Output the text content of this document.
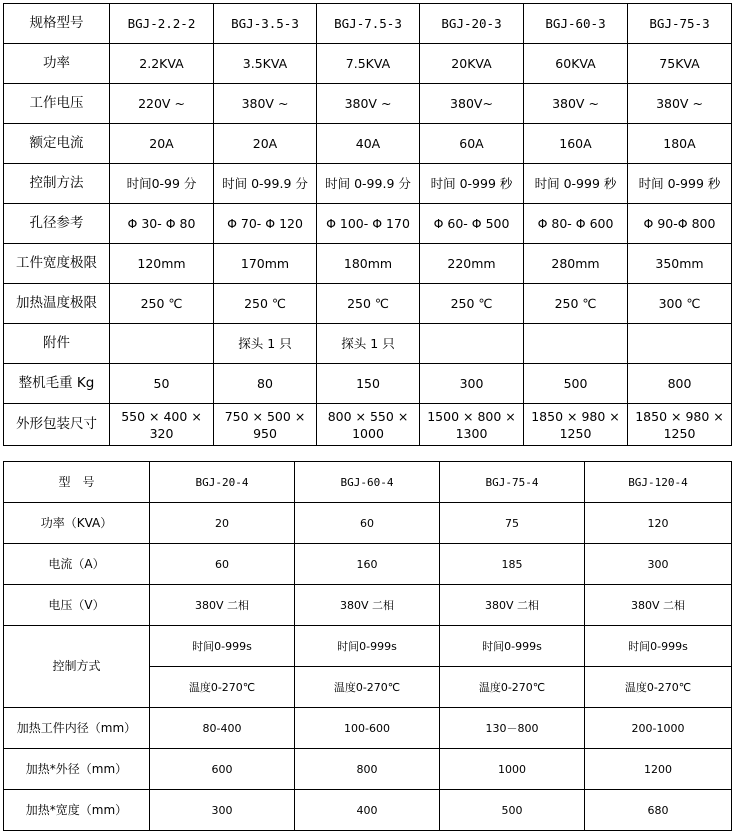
规格型号	BGJ-2.2-2	BGJ-3.5-3	BGJ-7.5-3	BGJ-20-3	BGJ-60-3	BGJ-75-3
功率	2.2KVA	3.5KVA	7.5KVA	20KVA	60KVA	75KVA
工作电压	220V ~	380V ~	380V ~	380V~	380V ~	380V ~
额定电流	20A	20A	40A	60A	160A	180A
控制方法	时间0-99 分	时间 0-99.9 分	时间 0-99.9 分	时间 0-999 秒	时间 0-999 秒	时间 0-999 秒
孔径参考	Φ 30- Φ 80	Φ 70- Φ 120	Φ 100- Φ 170	Φ 60- Φ 500	Φ 80- Φ 600	Φ 90-Φ 800
工件宽度极限	120mm	170mm	180mm	220mm	280mm	350mm
加热温度极限	250 ℃	250 ℃	250 ℃	250 ℃	250 ℃	300 ℃
附件		探头 1 只	探头 1 只			
整机毛重 Kg	50	80	150	300	500	800
外形包装尺寸	550 × 400 × 320	750 × 500 × 950	800 × 550 × 1000	1500 × 800 × 1300	1850 × 980 × 1250	1850 × 980 × 1250
型　号	BGJ-20-4	BGJ-60-4	BGJ-75-4	BGJ-120-4
功率（KVA）	20	60	75	120
电流（A）	60	160	185	300
电压（V）	380V 二相	380V 二相	380V 二相	380V 二相
控制方式	时间0-999s	时间0-999s	时间0-999s	时间0-999s
	温度0-270℃	温度0-270℃	温度0-270℃	温度0-270℃
加热工件内径（mm）	80-400	100-600	130－800	200-1000
加热*外径（mm）	600	800	1000	1200
加热*宽度（mm）	300	400	500	680
